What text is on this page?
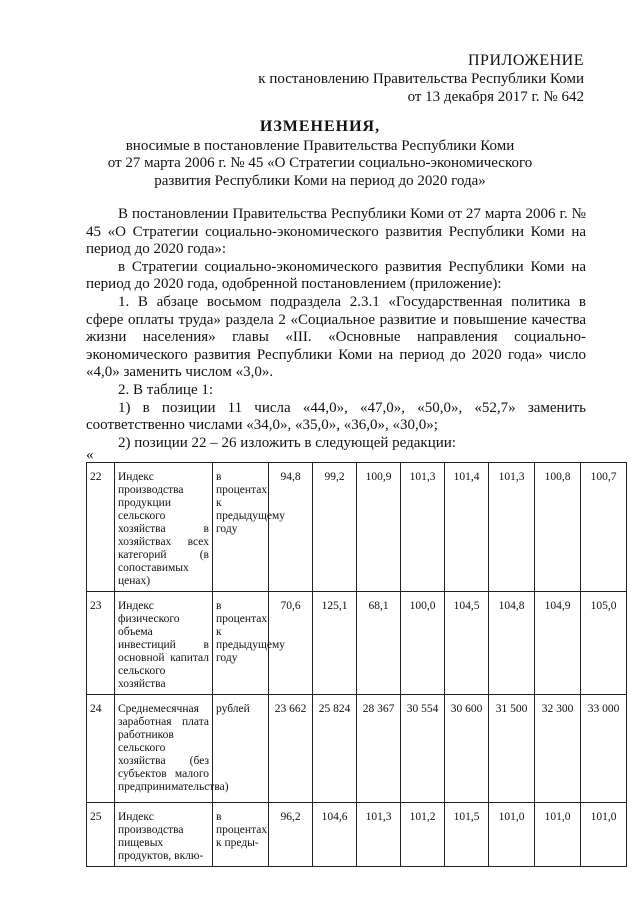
ПРИЛОЖЕНИЕ
к постановлению Правительства Республики Коми
от 13 декабря 2017 г. № 642
ИЗМЕНЕНИЯ,
вносимые в постановление Правительства Республики Коми
от 27 марта 2006 г. № 45 «О Стратегии социально-экономического
развития Республики Коми на период до 2020 года»

В постановлении Правительства Республики Коми от 27 марта 2006 г. № 45 «О Стратегии социально-экономического развития Республики Коми на период до 2020 года»:

в Стратегии социально-экономического развития Республики Коми на период до 2020 года, одобренной постановлением (приложение):

1. В абзаце восьмом подраздела 2.3.1 «Государственная политика в сфере оплаты труда» раздела 2 «Социальное развитие и повышение качества жизни населения» главы «III. «Основные направления социально-экономического развития Республики Коми на период до 2020 года» число «4,0» заменить числом «3,0».

2. В таблице 1:

1) в позиции 11 числа «44,0», «47,0», «50,0», «52,7» заменить соответственно числами «34,0», «35,0», «36,0», «30,0»;

2) позиции 22 – 26 изложить в следующей редакции:

«
22	Индекс производства продукции сельского хозяйства в хозяйствах всех категорий (в сопоставимых ценах)	в процентах к предыдущему году	94,8	99,2	100,9	101,3	101,4	101,3	100,8	100,7
23	Индекс физического объема инвестиций в основной капитал сельского хозяйства	в процентах к предыдущему году	70,6	125,1	68,1	100,0	104,5	104,8	104,9	105,0
24	Среднемесячная заработная плата работников сельского хозяйства (без субъектов малого предпринимательства)	рублей	23 662	25 824	28 367	30 554	30 600	31 500	32 300	33 000
25	Индекс производства пищевых продуктов, вклю-	в процентах к преды-	96,2	104,6	101,3	101,2	101,5	101,0	101,0	101,0
